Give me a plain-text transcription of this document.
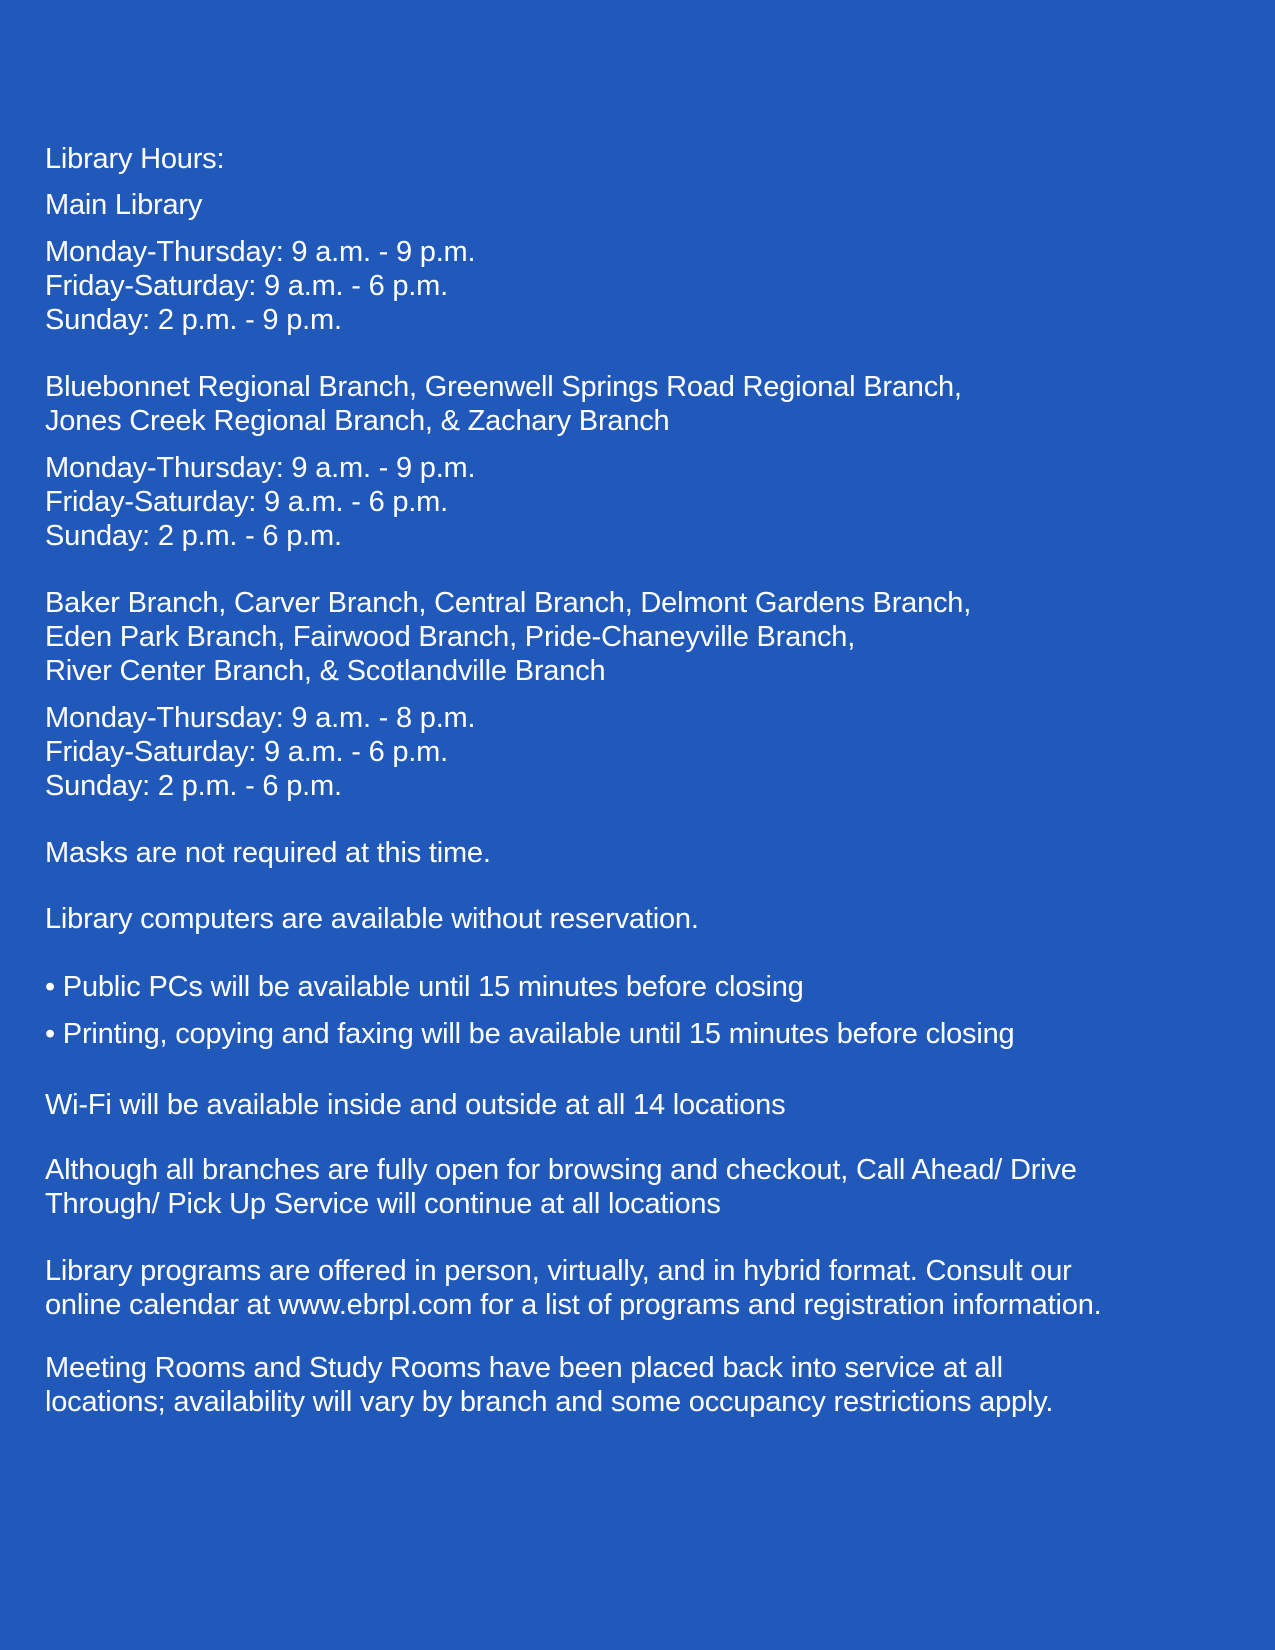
Library Hours:
Main Library
Monday-Thursday: 9 a.m. - 9 p.m.
Friday-Saturday: 9 a.m. - 6 p.m.
Sunday: 2 p.m. - 9 p.m.
Bluebonnet Regional Branch, Greenwell Springs Road Regional Branch,
Jones Creek Regional Branch, & Zachary Branch
Monday-Thursday: 9 a.m. - 9 p.m.
Friday-Saturday: 9 a.m. - 6 p.m.
Sunday: 2 p.m. - 6 p.m.
Baker Branch, Carver Branch, Central Branch, Delmont Gardens Branch,
Eden Park Branch, Fairwood Branch, Pride-Chaneyville Branch,
River Center Branch, & Scotlandville Branch
Monday-Thursday: 9 a.m. - 8 p.m.
Friday-Saturday: 9 a.m. - 6 p.m.
Sunday: 2 p.m. - 6 p.m.
Masks are not required at this time.
Library computers are available without reservation.
• Public PCs will be available until 15 minutes before closing
• Printing, copying and faxing will be available until 15 minutes before closing
Wi-Fi will be available inside and outside at all 14 locations
Although all branches are fully open for browsing and checkout, Call Ahead/ Drive
Through/ Pick Up Service will continue at all locations
Library programs are offered in person, virtually, and in hybrid format. Consult our
online calendar at www.ebrpl.com for a list of programs and registration information.
Meeting Rooms and Study Rooms have been placed back into service at all
locations; availability will vary by branch and some occupancy restrictions apply.
